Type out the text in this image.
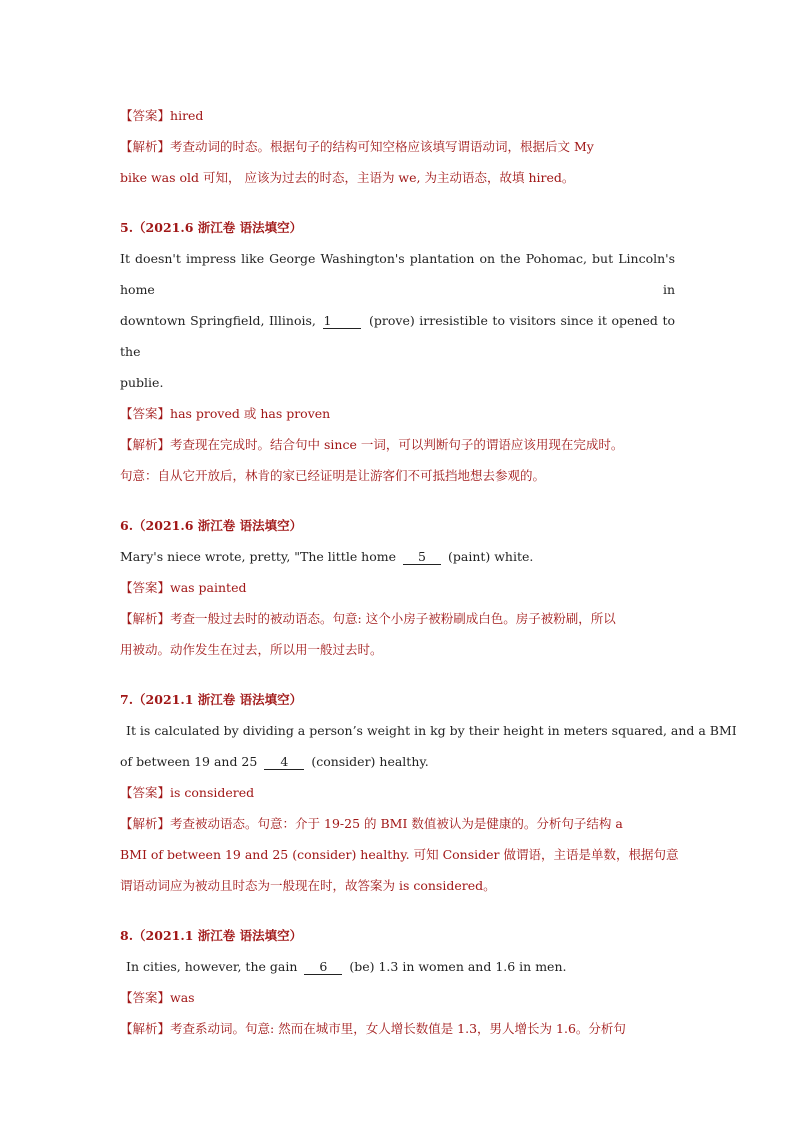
【答案】hired
【解析】考查动词的时态。根据句子的结构可知空格应该填写谓语动词，根据后文 My
bike was old 可知， 应该为过去的时态，主语为 we, 为主动语态，故填 hired。
5.（2021.6 浙江卷 语法填空）
It doesn't impress like George Washington's plantation on the Pohomac, but Lincoln's home in
downtown Springfield, Illinois, 1	(prove) irresistible to visitors since it opened to the
publie.
【答案】has proved 或 has proven
【解析】考查现在完成时。结合句中 since 一词，可以判断句子的谓语应该用现在完成时。
句意：自从它开放后，林肯的家已经证明是让游客们不可抵挡地想去参观的。
6.（2021.6 浙江卷 语法填空）
Mary's niece wrote, pretty, "The little home 5 (paint) white.
【答案】was painted
【解析】考查一般过去时的被动语态。句意: 这个小房子被粉刷成白色。房子被粉刷，所以
用被动。动作发生在过去，所以用一般过去时。
7.（2021.1 浙江卷 语法填空）
It is calculated by dividing a person’s weight in kg by their height in meters squared, and a BMI
of between 19 and 25 4 (consider) healthy.
【答案】is considered
【解析】考查被动语态。句意：介于 19-25 的 BMI 数值被认为是健康的。分析句子结构 a
BMI of between 19 and 25 (consider) healthy. 可知 Consider 做谓语，主语是单数，根据句意
谓语动词应为被动且时态为一般现在时，故答案为 is considered。
8.（2021.1 浙江卷 语法填空）
In cities, however, the gain 6 (be) 1.3 in women and 1.6 in men.
【答案】was
【解析】考查系动词。句意: 然而在城市里，女人增长数值是 1.3，男人增长为 1.6。分析句
